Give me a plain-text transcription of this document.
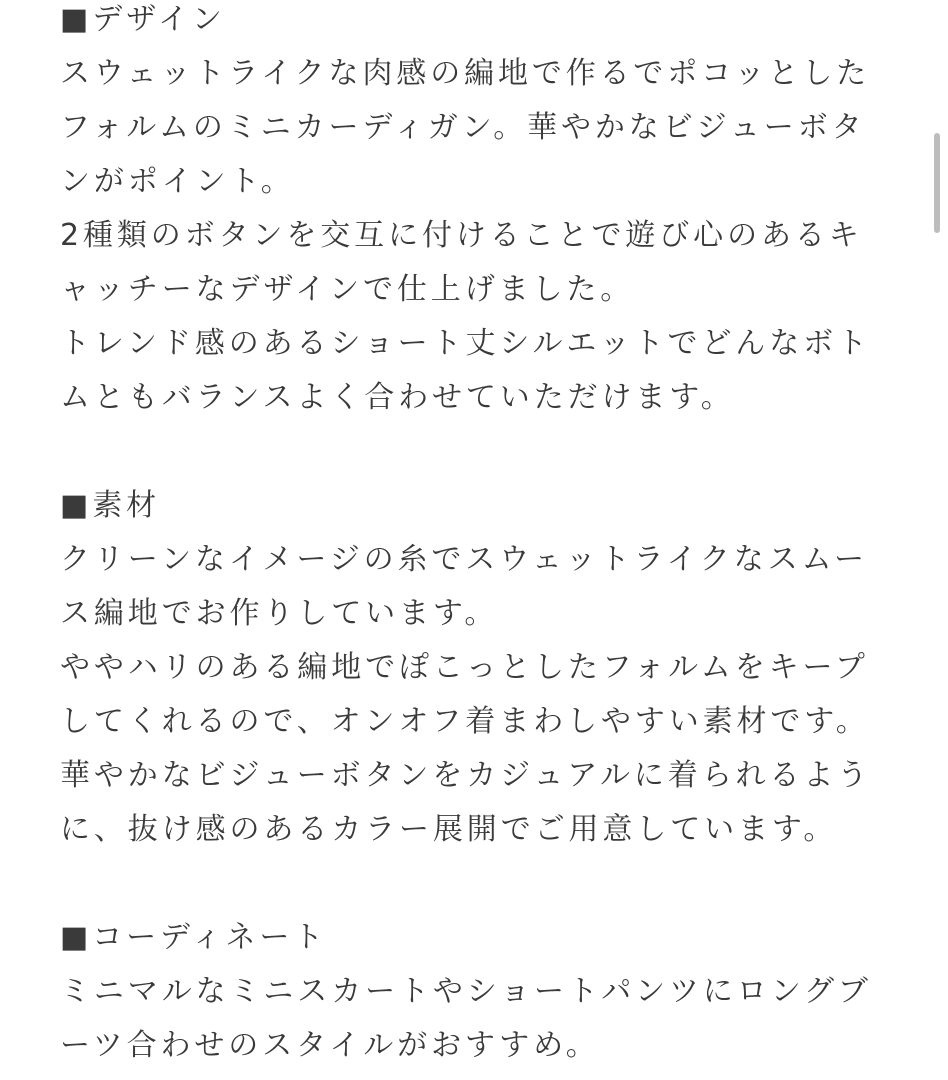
■デザイン
スウェットライクな肉感の編地で作るでポコッとした
フォルムのミニカーディガン。華やかなビジューボタ
ンがポイント。
2種類のボタンを交互に付けることで遊び心のあるキ
ャッチーなデザインで仕上げました。
トレンド感のあるショート丈シルエットでどんなボト
ムともバランスよく合わせていただけます。
■素材
クリーンなイメージの糸でスウェットライクなスムー
ス編地でお作りしています。
ややハリのある編地でぽこっとしたフォルムをキープ
してくれるので、オンオフ着まわしやすい素材です。
華やかなビジューボタンをカジュアルに着られるよう
に、抜け感のあるカラー展開でご用意しています。
■コーディネート
ミニマルなミニスカートやショートパンツにロングブ
ーツ合わせのスタイルがおすすめ。
